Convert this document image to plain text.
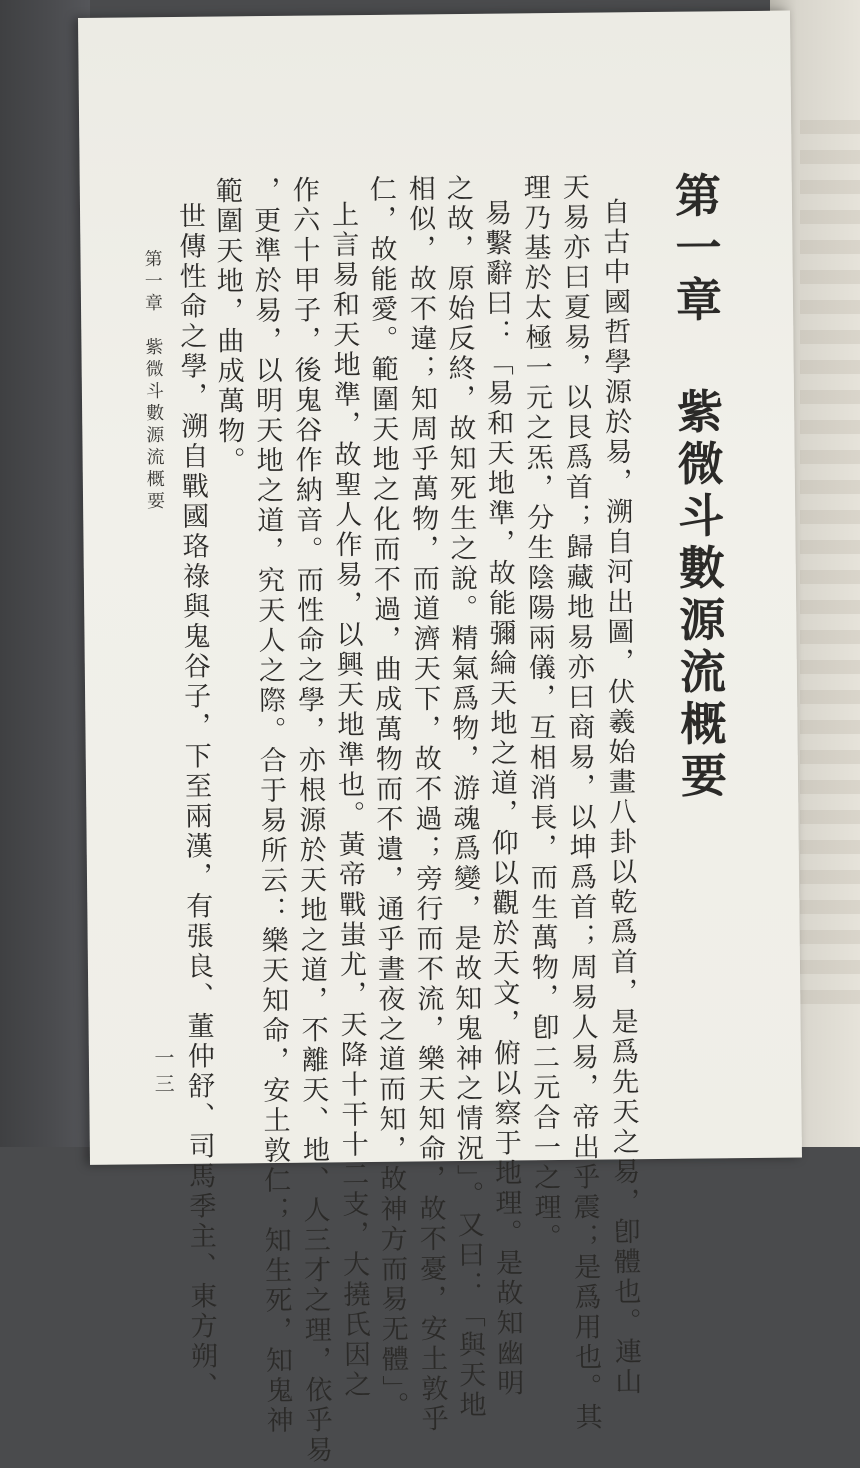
第一章 紫微斗數源流概要
自古中國哲學源於易，溯自河出圖，伏羲始畫八卦以乾爲首，是爲先天之易，卽體也。連山
天易亦曰夏易，以艮爲首；歸藏地易亦曰商易，以坤爲首；周易人易，帝出乎震；是爲用也。其
理乃基於太極一元之炁，分生陰陽兩儀，互相消長，而生萬物，卽二元合一之理。
易繫辭曰：「易和天地準，故能彌綸天地之道，仰以觀於天文，俯以察于地理。是故知幽明
之故，原始反終，故知死生之說。精氣爲物，游魂爲變，是故知鬼神之情況」。又曰：「與天地
相似，故不違；知周乎萬物，而道濟天下，故不過；旁行而不流，樂天知命，故不憂，安土敦乎
仁，故能愛。範圍天地之化而不過，曲成萬物而不遺，通乎晝夜之道而知，故神方而易无體」。
上言易和天地準，故聖人作易，以興天地準也。黃帝戰蚩尤，天降十干十二支，大撓氏因之
作六十甲子，後鬼谷作納音。而性命之學，亦根源於天地之道，不離天、地、人三才之理，依乎易
，更準於易，以明天地之道，究天人之際。合于易所云：樂天知命，安土敦仁；知生死，知鬼神
範圍天地，曲成萬物。
世傳性命之學，溯自戰國珞祿與鬼谷子，下至兩漢，有張良、董仲舒、司馬季主、東方朔、
第一章　紫微斗數源流概要
一三
